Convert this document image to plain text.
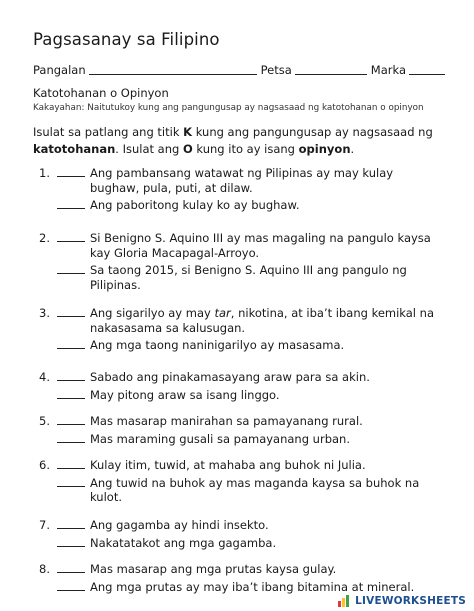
Pagsasanay sa Filipino
Pangalan	Petsa	Marka
Katotohanan o Opinyon
Kakayahan: Naitutukoy kung ang pangungusap ay nagsasaad ng katotohanan o opinyon
Isulat sa patlang ang titik K kung ang pangungusap ay nagsasaad ng katotohanan. Isulat ang O kung ito ay isang opinyon.
1.	Ang pambansang watawat ng Pilipinas ay may kulay
bughaw, pula, puti, at dilaw.
Ang paboritong kulay ko ay bughaw.
2.	Si Benigno S. Aquino III ay mas magaling na pangulo kaysa
kay Gloria Macapagal-Arroyo.
Sa taong 2015, si Benigno S. Aquino III ang pangulo ng
Pilipinas.
3.	Ang sigarilyo ay may tar, nikotina, at iba’t ibang kemikal na
nakasasama sa kalusugan.
Ang mga taong naninigarilyo ay masasama.
4.	Sabado ang pinakamasayang araw para sa akin.
May pitong araw sa isang linggo.
5.	Mas masarap manirahan sa pamayanang rural.
Mas maraming gusali sa pamayanang urban.
6.	Kulay itim, tuwid, at mahaba ang buhok ni Julia.
Ang tuwid na buhok ay mas maganda kaysa sa buhok na
kulot.
7.	Ang gagamba ay hindi insekto.
Nakatatakot ang mga gagamba.
8.	Mas masarap ang mga prutas kaysa gulay.
Ang mga prutas ay may iba’t ibang bitamina at mineral.
LIVEWORKSHEETS
